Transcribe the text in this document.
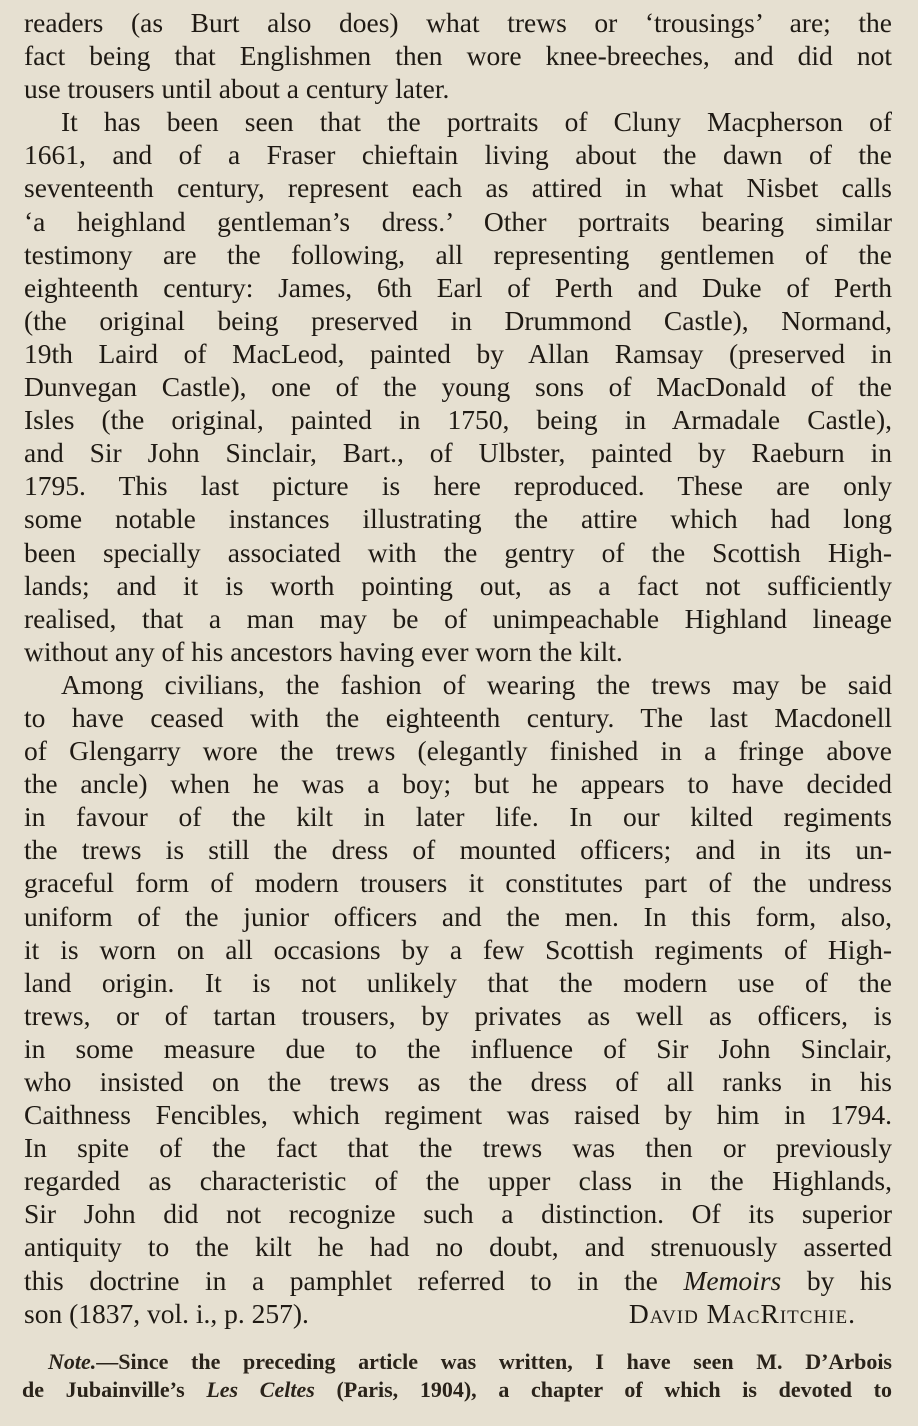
readers (as Burt also does) what trews or ‘trousings’ are; the
fact being that Englishmen then wore knee-breeches, and did not
use trousers until about a century later.
It has been seen that the portraits of Cluny Macpherson of
1661, and of a Fraser chieftain living about the dawn of the
seventeenth century, represent each as attired in what Nisbet calls
‘a heighland gentleman’s dress.’ Other portraits bearing similar
testimony are the following, all representing gentlemen of the
eighteenth century: James, 6th Earl of Perth and Duke of Perth
(the original being preserved in Drummond Castle), Normand,
19th Laird of MacLeod, painted by Allan Ramsay (preserved in
Dunvegan Castle), one of the young sons of MacDonald of the
Isles (the original, painted in 1750, being in Armadale Castle),
and Sir John Sinclair, Bart., of Ulbster, painted by Raeburn in
1795. This last picture is here reproduced. These are only
some notable instances illustrating the attire which had long
been specially associated with the gentry of the Scottish High-
lands; and it is worth pointing out, as a fact not sufficiently
realised, that a man may be of unimpeachable Highland lineage
without any of his ancestors having ever worn the kilt.
Among civilians, the fashion of wearing the trews may be said
to have ceased with the eighteenth century. The last Macdonell
of Glengarry wore the trews (elegantly finished in a fringe above
the ancle) when he was a boy; but he appears to have decided
in favour of the kilt in later life. In our kilted regiments
the trews is still the dress of mounted officers; and in its un-
graceful form of modern trousers it constitutes part of the undress
uniform of the junior officers and the men. In this form, also,
it is worn on all occasions by a few Scottish regiments of High-
land origin. It is not unlikely that the modern use of the
trews, or of tartan trousers, by privates as well as officers, is
in some measure due to the influence of Sir John Sinclair,
who insisted on the trews as the dress of all ranks in his
Caithness Fencibles, which regiment was raised by him in 1794.
In spite of the fact that the trews was then or previously
regarded as characteristic of the upper class in the Highlands,
Sir John did not recognize such a distinction. Of its superior
antiquity to the kilt he had no doubt, and strenuously asserted
this doctrine in a pamphlet referred to in the Memoirs by his
son (1837, vol. i., p. 257).	David MacRitchie.
Note.—Since the preceding article was written, I have seen M. D’Arbois
de Jubainville’s Les Celtes (Paris, 1904), a chapter of which is devoted to
